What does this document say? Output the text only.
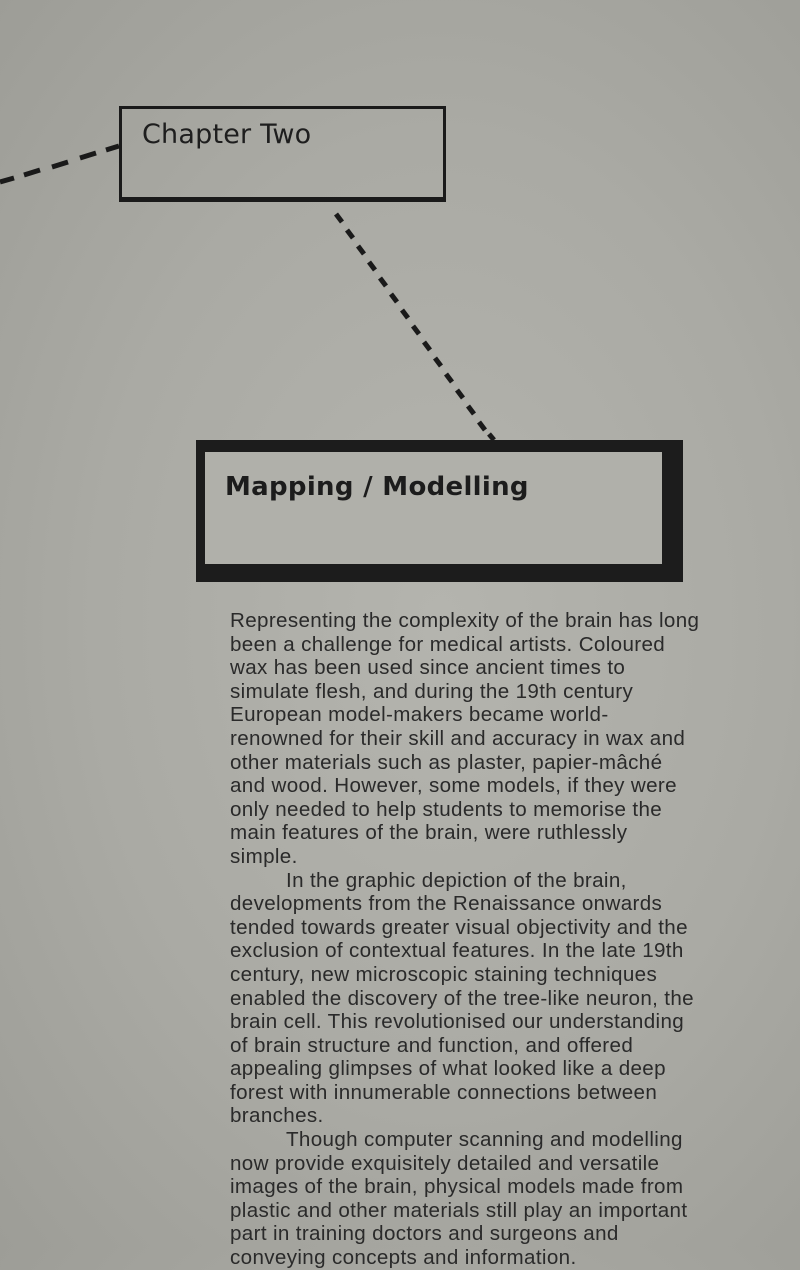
Chapter Two
Mapping / Modelling

Representing the complexity of the brain has long been a challenge for medical artists. Coloured wax has been used since ancient times to simulate flesh, and during the 19th century European model-makers became world-renowned for their skill and accuracy in wax and other materials such as plaster, papier-mâché and wood. However, some models, if they were only needed to help students to memorise the main features of the brain, were ruthlessly simple.

In the graphic depiction of the brain, developments from the Renaissance onwards tended towards greater visual objectivity and the exclusion of contextual features. In the late 19th century, new microscopic staining techniques enabled the discovery of the tree-like neuron, the brain cell. This revolutionised our understanding of brain structure and function, and offered appealing glimpses of what looked like a deep forest with innumerable connections between branches.

Though computer scanning and modelling now provide exquisitely detailed and versatile images of the brain, physical models made from plastic and other materials still play an important part in training doctors and surgeons and conveying concepts and information.
